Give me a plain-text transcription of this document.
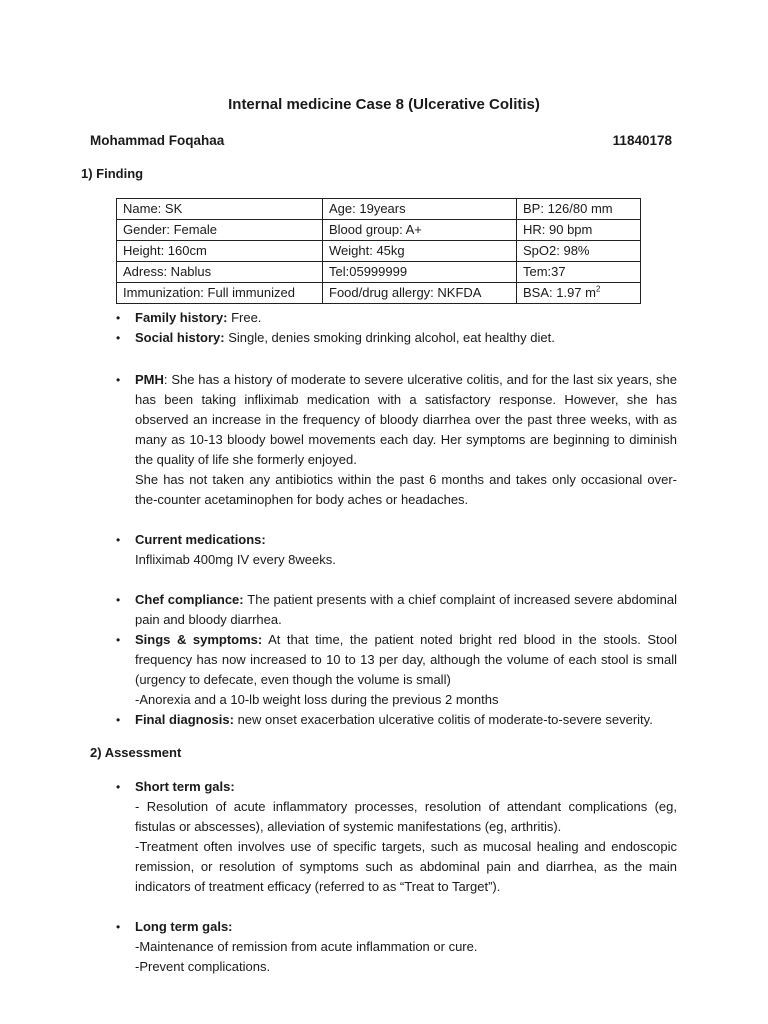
Internal medicine Case 8 (Ulcerative Colitis)
Mohammad Foqahaa	11840178
1) Finding
Name: SK	Age: 19years	BP: 126/80 mm
Gender: Female	Blood group: A+	HR: 90 bpm
Height: 160cm	Weight: 45kg	SpO2: 98%
Adress: Nablus	Tel:05999999	Tem:37
Immunization: Full immunized	Food/drug allergy: NKFDA	BSA: 1.97 $m^2$
• Family history: Free.
• Social history: Single, denies smoking drinking alcohol, eat healthy diet.
• PMH: She has a history of moderate to severe ulcerative colitis, and for the last six years, she has been taking infliximab medication with a satisfactory response. However, she has observed an increase in the frequency of bloody diarrhea over the past three weeks, with as many as 10-13 bloody bowel movements each day. Her symptoms are beginning to diminish the quality of life she formerly enjoyed.
She has not taken any antibiotics within the past 6 months and takes only occasional over-the-counter acetaminophen for body aches or headaches.
• Current medications:
Infliximab 400mg IV every 8weeks.
• Chef compliance: The patient presents with a chief complaint of increased severe abdominal pain and bloody diarrhea.
• Sings & symptoms: At that time, the patient noted bright red blood in the stools. Stool frequency has now increased to 10 to 13 per day, although the volume of each stool is small (urgency to defecate, even though the volume is small)
-Anorexia and a 10-lb weight loss during the previous 2 months
• Final diagnosis: new onset exacerbation ulcerative colitis of moderate-to-severe severity.
2) Assessment
• Short term gals:
- Resolution of acute inflammatory processes, resolution of attendant complications (eg, fistulas or abscesses), alleviation of systemic manifestations (eg, arthritis).
-Treatment often involves use of specific targets, such as mucosal healing and endoscopic remission, or resolution of symptoms such as abdominal pain and diarrhea, as the main indicators of treatment efficacy (referred to as “Treat to Target”).
• Long term gals:
-Maintenance of remission from acute inflammation or cure.
-Prevent complications.
